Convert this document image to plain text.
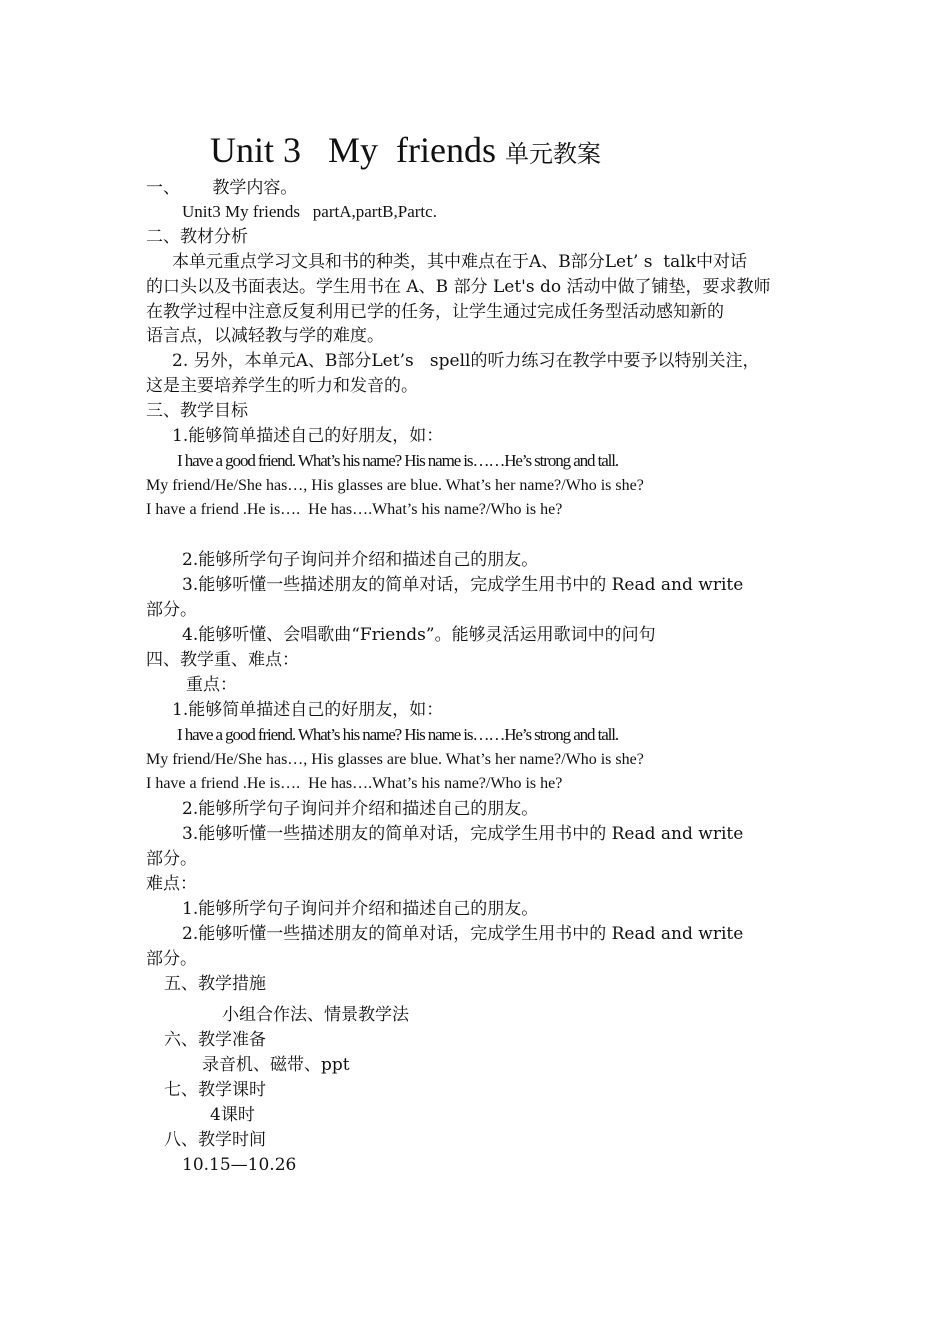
Unit 3   My  friends 单元教案
一、      教学内容。
Unit3 My friends   partA,partB,Partc.
二、教材分析
本单元重点学习文具和书的种类，其中难点在于A、B部分Let’ s  talk中对话
的口头以及书面表达。学生用书在 A、B 部分 Let's do 活动中做了铺垫，要求教师
在教学过程中注意反复利用已学的任务，让学生通过完成任务型活动感知新的
语言点，以减轻教与学的难度。
2. 另外，本单元A、B部分Let’s   spell的听力练习在教学中要予以特别关注，
这是主要培养学生的听力和发音的。
三、教学目标
1.能够简单描述自己的好朋友，如：
I have a good friend. What’s his name? His name is……He’s strong and tall.
My friend/He/She has…, His glasses are blue. What’s her name?/Who is she?
I have a friend .He is….  He has….What’s his name?/Who is he?
2.能够所学句子询问并介绍和描述自己的朋友。
3.能够听懂一些描述朋友的简单对话，完成学生用书中的 Read and write
部分。
4.能够听懂、会唱歌曲“Friends”。能够灵活运用歌词中的问句
四、教学重、难点：
重点：
1.能够简单描述自己的好朋友，如：
I have a good friend. What’s his name? His name is……He’s strong and tall.
My friend/He/She has…, His glasses are blue. What’s her name?/Who is she?
I have a friend .He is….  He has….What’s his name?/Who is he?
2.能够所学句子询问并介绍和描述自己的朋友。
3.能够听懂一些描述朋友的简单对话，完成学生用书中的 Read and write
部分。
难点：
1.能够所学句子询问并介绍和描述自己的朋友。
2.能够听懂一些描述朋友的简单对话，完成学生用书中的 Read and write
部分。
五、教学措施
小组合作法、情景教学法
六、教学准备
录音机、磁带、ppt
七、教学课时
4课时
八、教学时间
10.15—10.26
